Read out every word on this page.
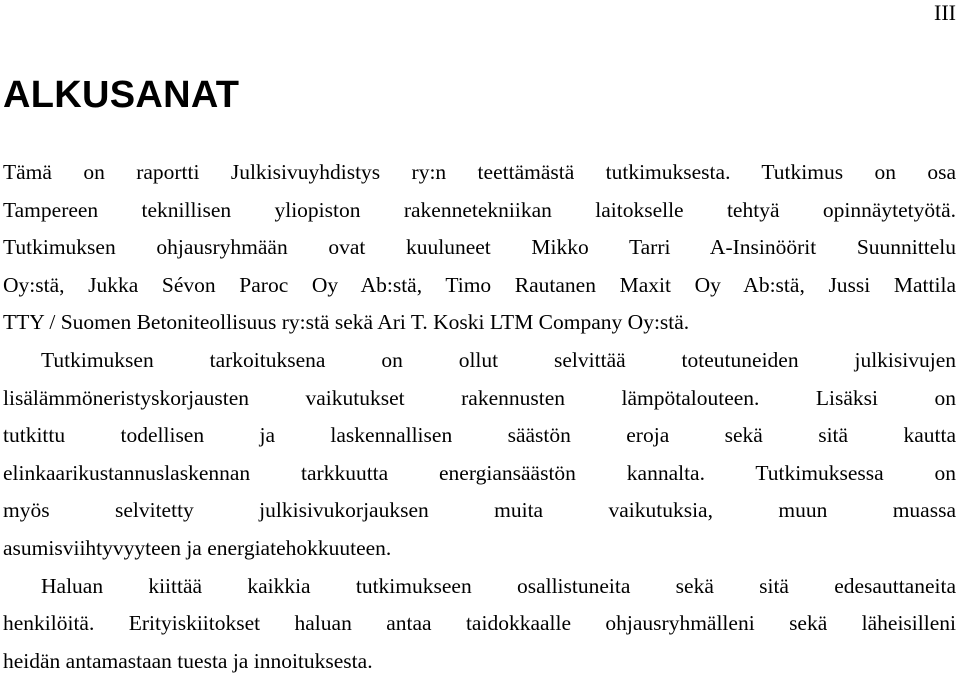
III
ALKUSANAT
Tämä on raportti Julkisivuyhdistys ry:n teettämästä tutkimuksesta. Tutkimus on osa
Tampereen teknillisen yliopiston rakennetekniikan laitokselle tehtyä opinnäytetyötä.
Tutkimuksen ohjausryhmään ovat kuuluneet Mikko Tarri A-Insinöörit Suunnittelu
Oy:stä, Jukka Sévon Paroc Oy Ab:stä, Timo Rautanen Maxit Oy Ab:stä, Jussi Mattila
TTY / Suomen Betoniteollisuus ry:stä sekä Ari T. Koski LTM Company Oy:stä.
Tutkimuksen tarkoituksena on ollut selvittää toteutuneiden julkisivujen
lisälämmöneristyskorjausten vaikutukset rakennusten lämpötalouteen. Lisäksi on
tutkittu todellisen ja laskennallisen säästön eroja sekä sitä kautta
elinkaarikustannuslaskennan tarkkuutta energiansäästön kannalta. Tutkimuksessa on
myös selvitetty julkisivukorjauksen muita vaikutuksia, muun muassa
asumisviihtyvyyteen ja energiatehokkuuteen.
Haluan kiittää kaikkia tutkimukseen osallistuneita sekä sitä edesauttaneita
henkilöitä. Erityiskiitokset haluan antaa taidokkaalle ohjausryhmälleni sekä läheisilleni
heidän antamastaan tuesta ja innoituksesta.
